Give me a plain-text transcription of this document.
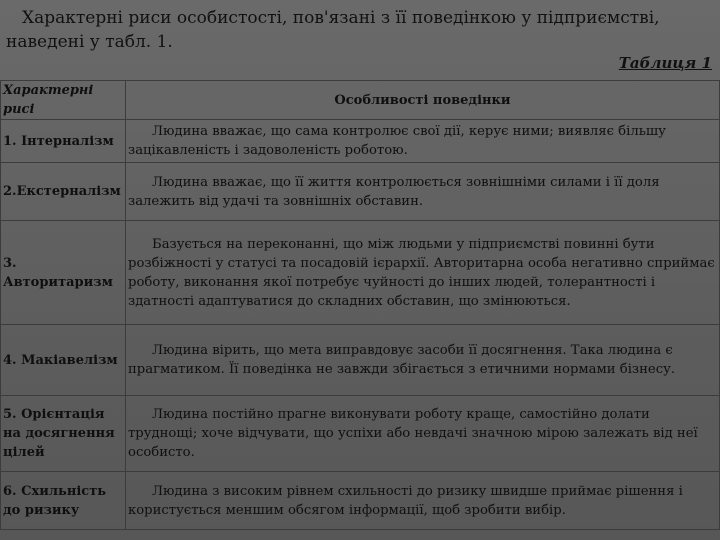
Характерні риси особистості, пов'язані з її поведінкою у підприємстві, наведені у табл. 1.
Таблиця 1
Характерні рисі	Особливості поведінки
1. Інтерналізм	Людина вважає, що сама контролює свої дії, керує ними; виявляє більшу зацікавленість і задоволеність роботою.
2.Екстерналізм	Людина вважає, що її життя контролюється зовнішніми силами і її доля залежить від удачі та зовнішніх обставин.
3. Авторитаризм	Базується на переконанні, що між людьми у підприємстві повинні бути розбіжності у статусі та посадовій ієрархії. Авторитарна особа негативно сприймає роботу, виконання якої потребує чуйності до інших людей, толерантності і здатності адаптуватися до складних обставин, що змінюються.
4. Макіавелізм	Людина вірить, що мета виправдовує засоби її досягнення. Така людина є прагматиком. Її поведінка не завжди збігається з етичними нормами бізнесу.
5. Орієнтація на досягнення цілей	Людина постійно прагне виконувати роботу краще, самостійно долати труднощі; хоче відчувати, що успіхи або невдачі значною мірою залежать від неї особисто.
6. Схильність до ризику	Людина з високим рівнем схильності до ризику швидше приймає рішення і користується меншим обсягом інформації, щоб зробити вибір.
